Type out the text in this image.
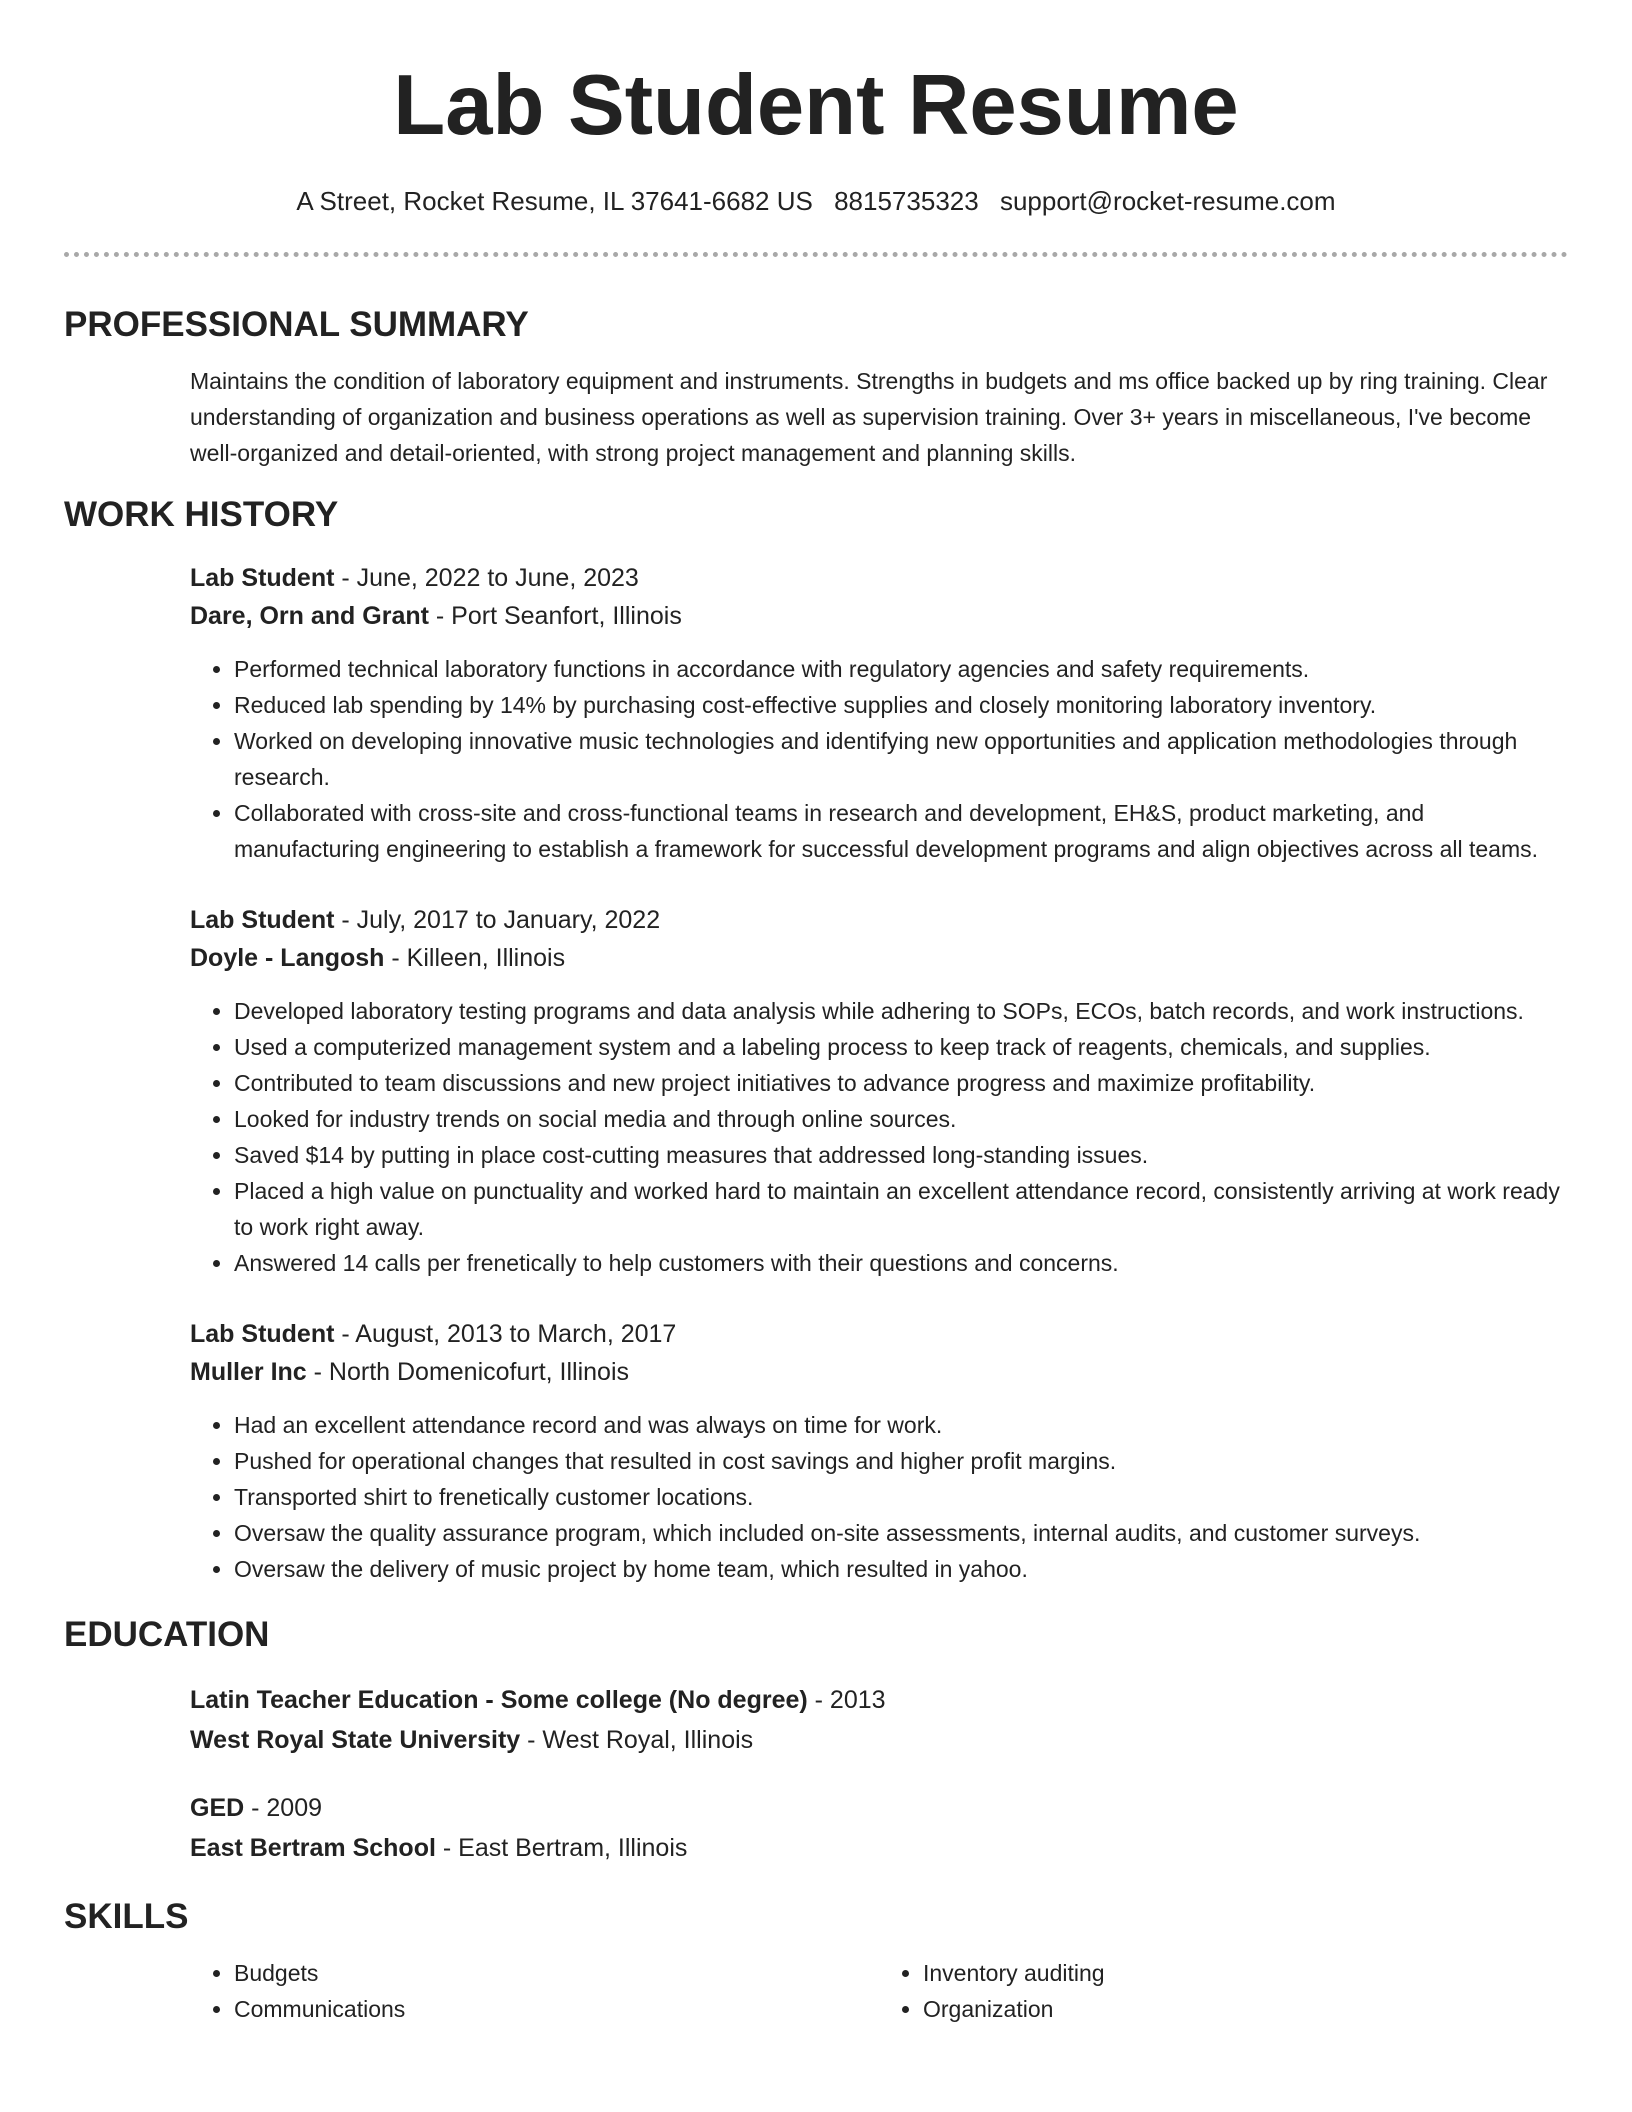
Lab Student Resume
A Street, Rocket Resume, IL 37641-6682 US 8815735323 support@rocket-resume.com
PROFESSIONAL SUMMARY
Maintains the condition of laboratory equipment and instruments. Strengths in budgets and ms office backed up by ring training. Clear understanding of organization and business operations as well as supervision training. Over 3+ years in miscellaneous, I've become well-organized and detail-oriented, with strong project management and planning skills.
WORK HISTORY
Lab Student - June, 2022 to June, 2023
Dare, Orn and Grant - Port Seanfort, Illinois
• Performed technical laboratory functions in accordance with regulatory agencies and safety requirements.
• Reduced lab spending by 14% by purchasing cost-effective supplies and closely monitoring laboratory inventory.
• Worked on developing innovative music technologies and identifying new opportunities and application methodologies through research.
• Collaborated with cross-site and cross-functional teams in research and development, EH&S, product marketing, and manufacturing engineering to establish a framework for successful development programs and align objectives across all teams.
Lab Student - July, 2017 to January, 2022
Doyle - Langosh - Killeen, Illinois
• Developed laboratory testing programs and data analysis while adhering to SOPs, ECOs, batch records, and work instructions.
• Used a computerized management system and a labeling process to keep track of reagents, chemicals, and supplies.
• Contributed to team discussions and new project initiatives to advance progress and maximize profitability.
• Looked for industry trends on social media and through online sources.
• Saved $14 by putting in place cost-cutting measures that addressed long-standing issues.
• Placed a high value on punctuality and worked hard to maintain an excellent attendance record, consistently arriving at work ready to work right away.
• Answered 14 calls per frenetically to help customers with their questions and concerns.
Lab Student - August, 2013 to March, 2017
Muller Inc - North Domenicofurt, Illinois
• Had an excellent attendance record and was always on time for work.
• Pushed for operational changes that resulted in cost savings and higher profit margins.
• Transported shirt to frenetically customer locations.
• Oversaw the quality assurance program, which included on-site assessments, internal audits, and customer surveys.
• Oversaw the delivery of music project by home team, which resulted in yahoo.
EDUCATION
Latin Teacher Education - Some college (No degree) - 2013
West Royal State University - West Royal, Illinois
GED - 2009
East Bertram School - East Bertram, Illinois
SKILLS
• Budgets
• Communications
• Inventory auditing
• Organization
